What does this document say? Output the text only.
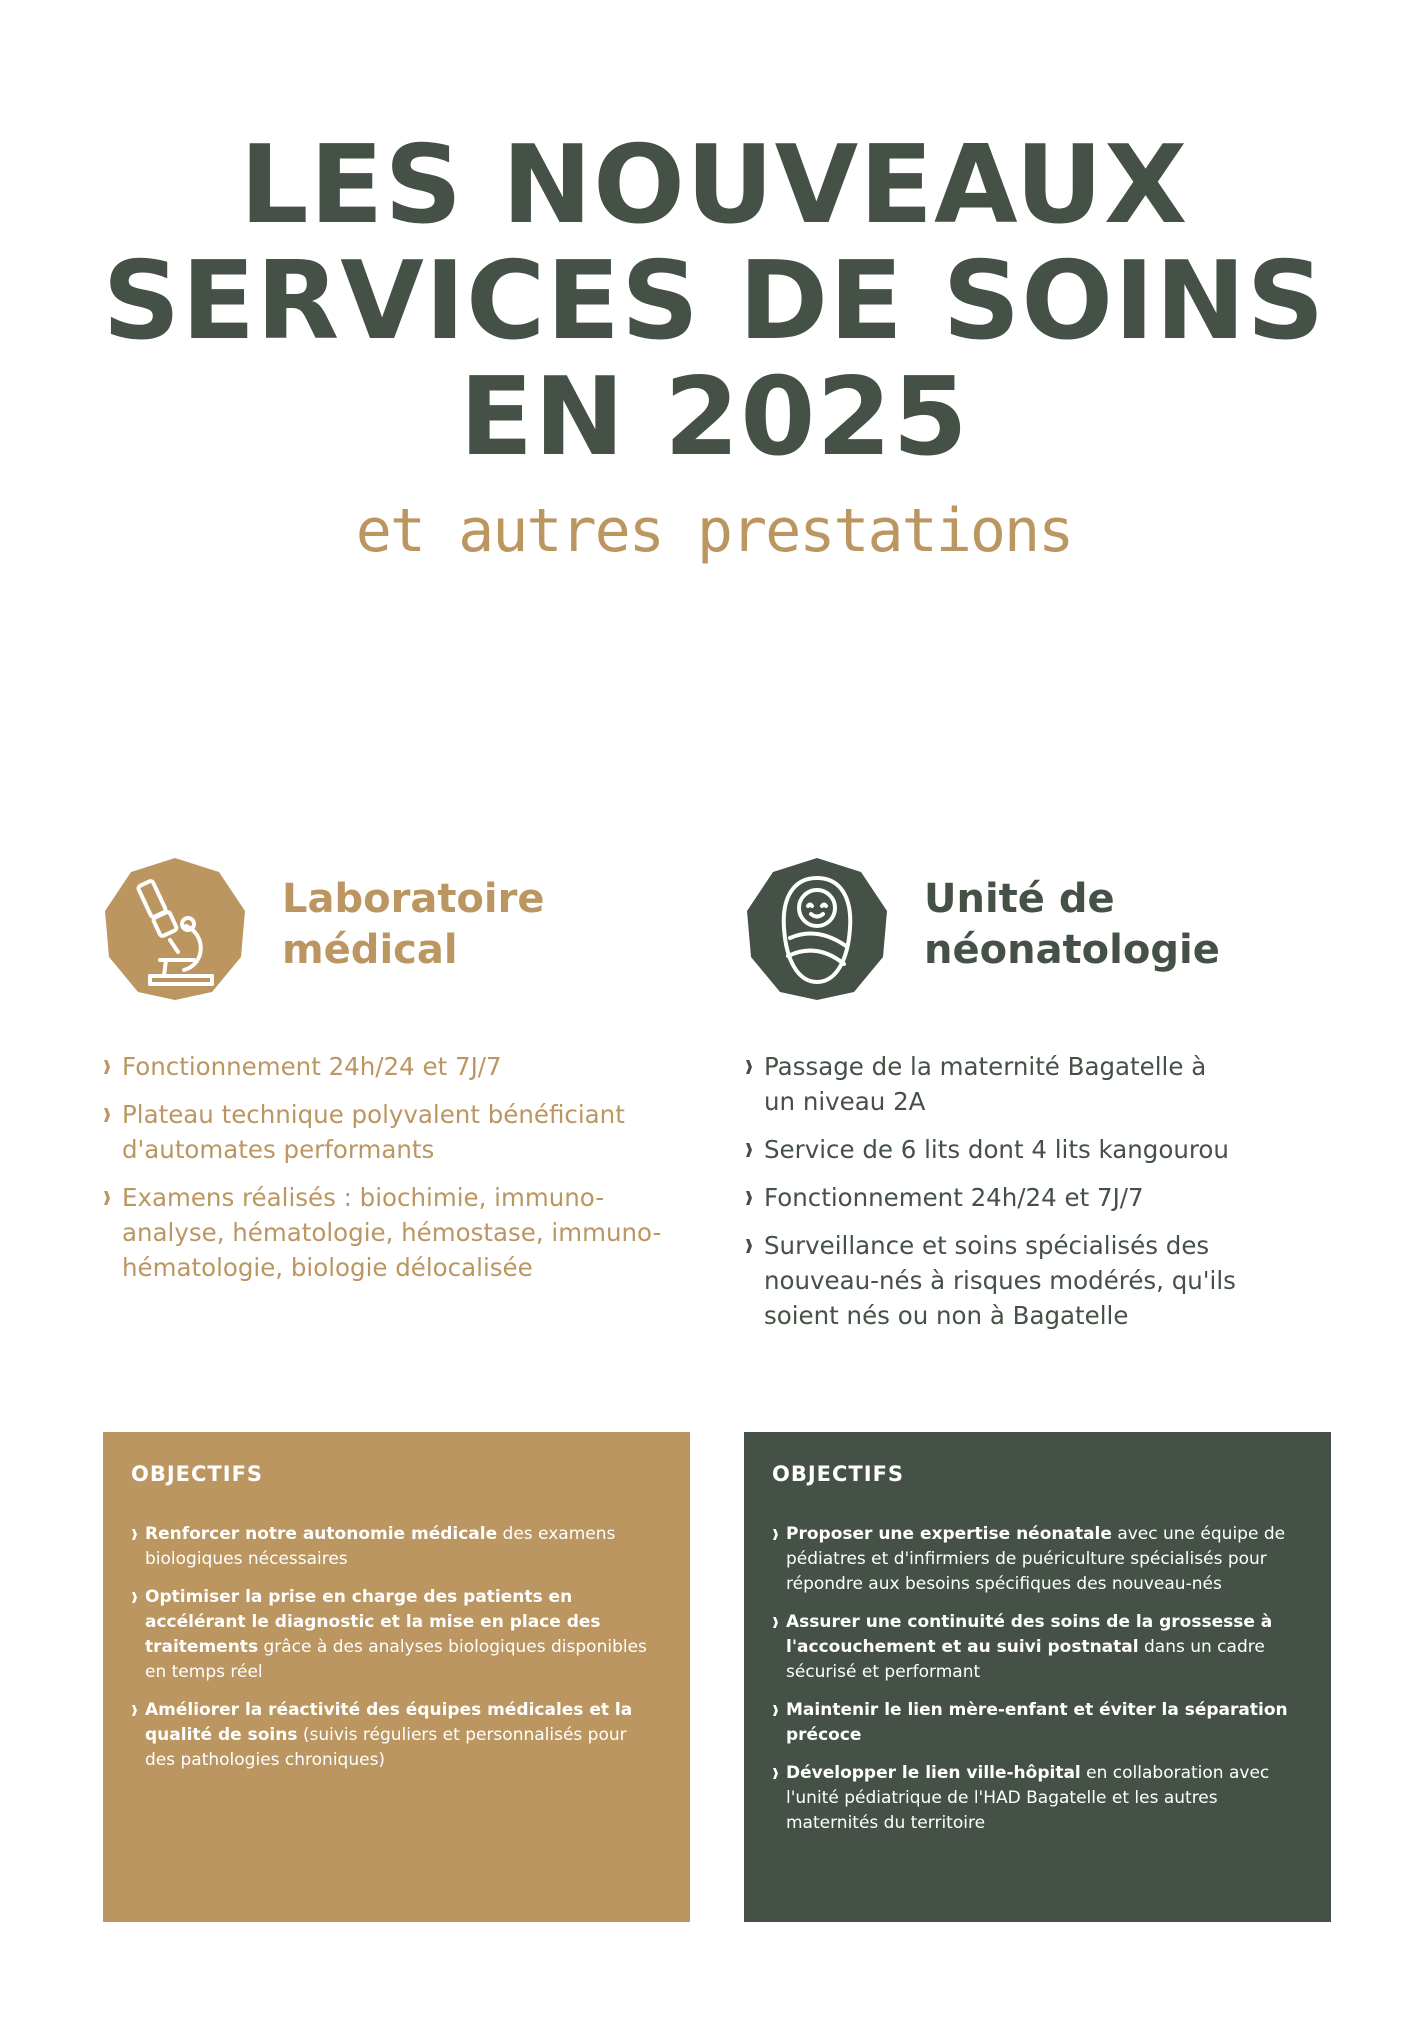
LES NOUVEAUX
SERVICES DE SOINS
EN 2025
et autres prestations
Laboratoire
médical
Fonctionnement 24h/24 et 7J/7
Plateau technique polyvalent bénéficiant d'automates performants
Examens réalisés : biochimie, immuno-analyse, hématologie, hémostase, immuno-hématologie, biologie délocalisée
Unité de
néonatologie
Passage de la maternité Bagatelle à un niveau 2A
Service de 6 lits dont 4 lits kangourou
Fonctionnement 24h/24 et 7J/7
Surveillance et soins spécialisés des nouveau-nés à risques modérés, qu'ils soient nés ou non à Bagatelle
OBJECTIFS
Renforcer notre autonomie médicale des examens biologiques nécessaires
Optimiser la prise en charge des patients en accélérant le diagnostic et la mise en place des traitements grâce à des analyses biologiques disponibles en temps réel
Améliorer la réactivité des équipes médicales et la qualité de soins (suivis réguliers et personnalisés pour des pathologies chroniques)
OBJECTIFS
Proposer une expertise néonatale avec une équipe de pédiatres et d'infirmiers de puériculture spécialisés pour répondre aux besoins spécifiques des nouveau-nés
Assurer une continuité des soins de la grossesse à l'accouchement et au suivi postnatal dans un cadre sécurisé et performant
Maintenir le lien mère-enfant et éviter la séparation précoce
Développer le lien ville-hôpital en collaboration avec l'unité pédiatrique de l'HAD Bagatelle et les autres maternités du territoire
